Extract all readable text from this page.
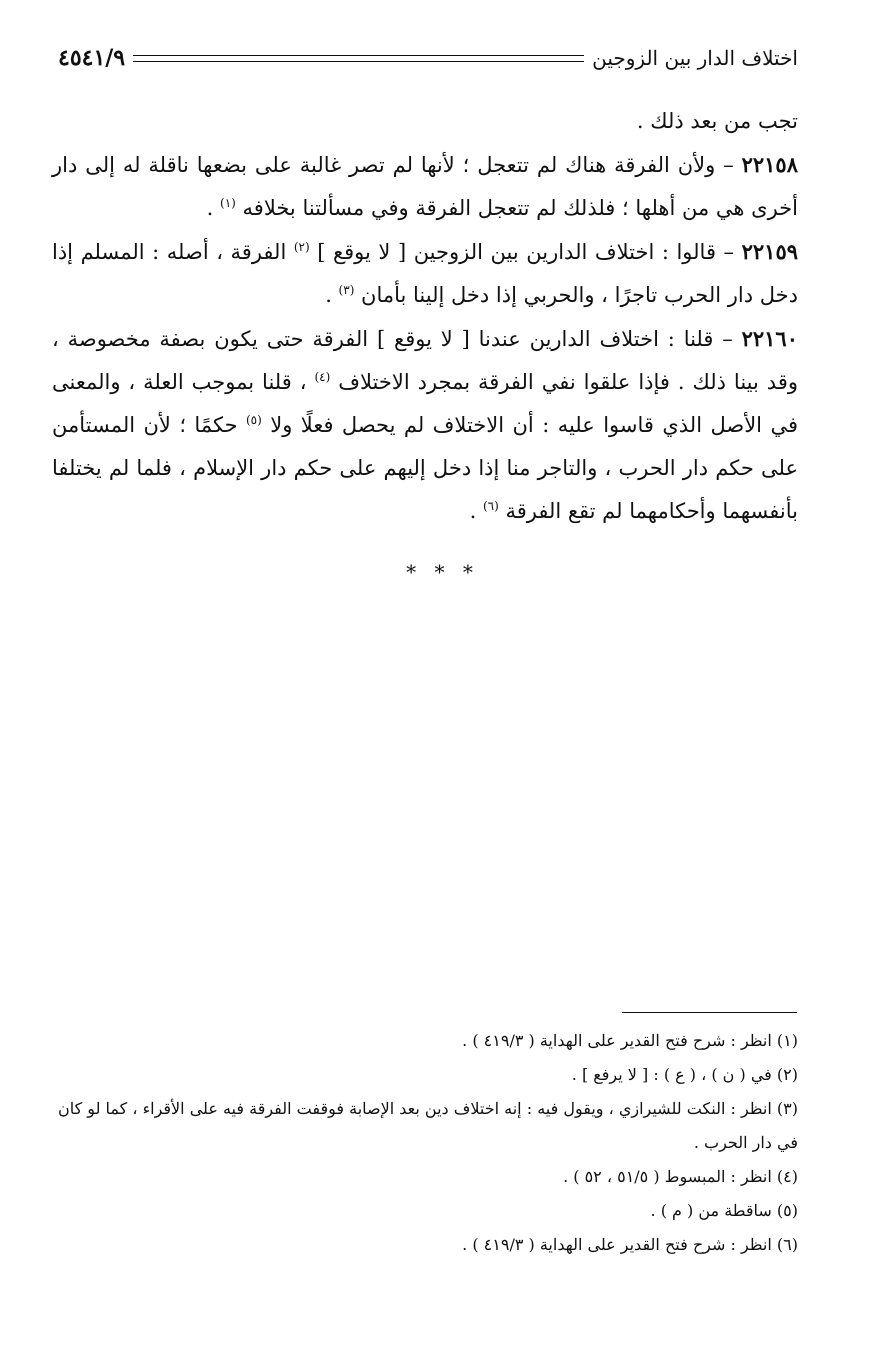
اختلاف الدار بين الزوجين
٤٥٤١/٩

تجب من بعد ذلك .

٢٢١٥٨ – ولأن الفرقة هناك لم تتعجل ؛ لأنها لم تصر غالبة على بضعها ناقلة له إلى دار أخرى هي من أهلها ؛ فلذلك لم تتعجل الفرقة وفي مسألتنا بخلافه $^{(١)}$ .

٢٢١٥٩ – قالوا : اختلاف الدارين بين الزوجين [ لا يوقع ] $^{(٢)}$ الفرقة ، أصله : المسلم إذا دخل دار الحرب تاجرًا ، والحربي إذا دخل إلينا بأمان $^{(٣)}$ .

٢٢١٦٠ – قلنا : اختلاف الدارين عندنا [ لا يوقع ] الفرقة حتى يكون بصفة مخصوصة ، وقد بينا ذلك . فإذا علقوا نفي الفرقة بمجرد الاختلاف $^{(٤)}$ ، قلنا بموجب العلة ، والمعنى في الأصل الذي قاسوا عليه : أن الاختلاف لم يحصل فعلًا ولا $^{(٥)}$ حكمًا ؛ لأن المستأمن على حكم دار الحرب ، والتاجر منا إذا دخل إليهم على حكم دار الإسلام ، فلما لم يختلفا بأنفسهما وأحكامهما لم تقع الفرقة $^{(٦)}$ .

* * *
(١) انظر : شرح فتح القدير على الهداية ( ٤١٩/٣ ) .
(٢) في ( ن ) ، ( ع ) : [ لا يرفع ] .
(٣) انظر : النكت للشيرازي ، ويقول فيه : إنه اختلاف دين بعد الإصابة فوقفت الفرقة فيه على الأقراء ، كما لو كان في دار الحرب .
(٤) انظر : المبسوط ( ٥١/٥ ، ٥٢ ) .
(٥) ساقطة من ( م ) .
(٦) انظر : شرح فتح القدير على الهداية ( ٤١٩/٣ ) .
